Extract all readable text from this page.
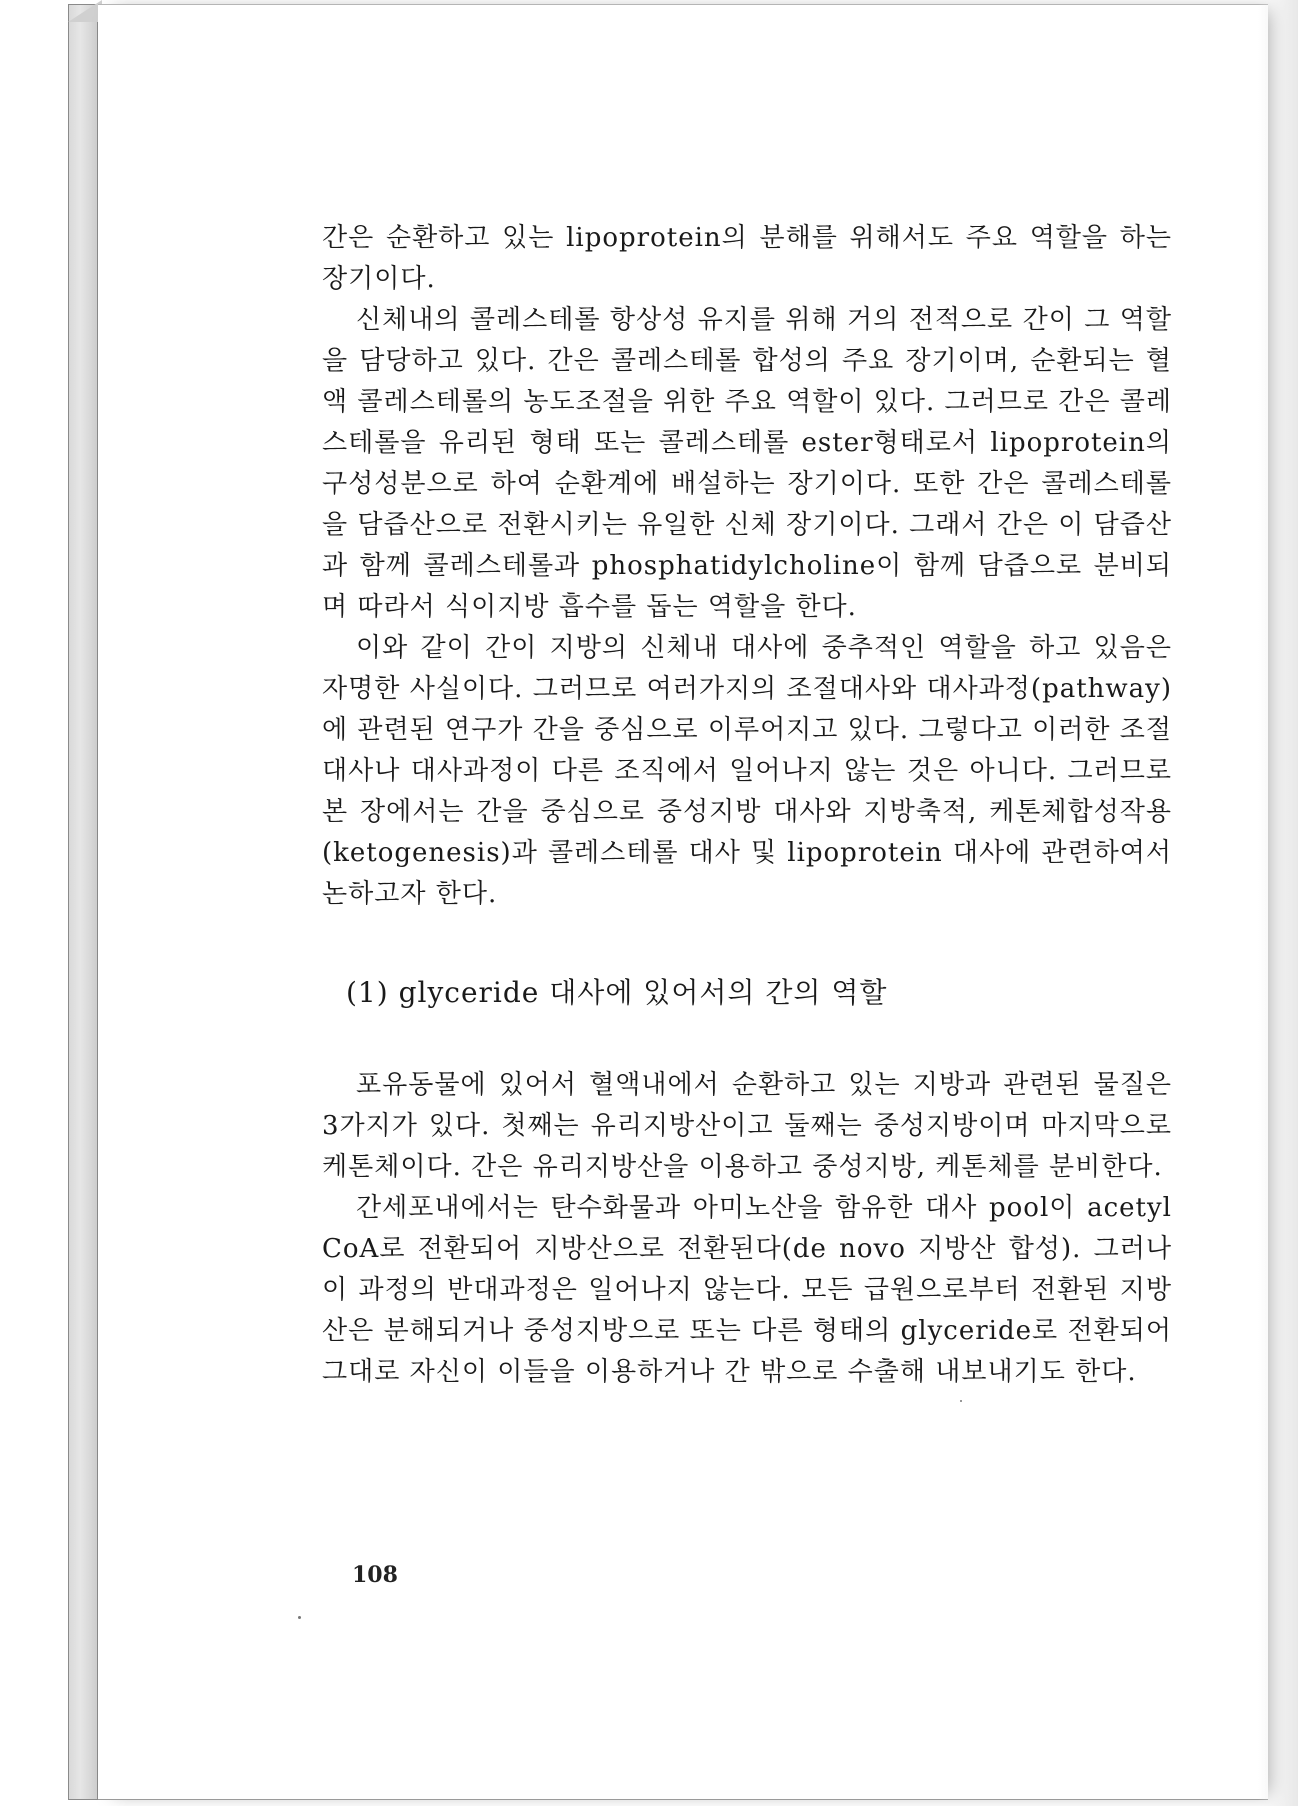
간은 순환하고 있는 lipoprotein의 분해를 위해서도 주요 역할을 하는 장기이다.

신체내의 콜레스테롤 항상성 유지를 위해 거의 전적으로 간이 그 역할을 담당하고 있다. 간은 콜레스테롤 합성의 주요 장기이며, 순환되는 혈액 콜레스테롤의 농도조절을 위한 주요 역할이 있다. 그러므로 간은 콜레스테롤을 유리된 형태 또는 콜레스테롤 ester형태로서 lipoprotein의 구성성분으로 하여 순환계에 배설하는 장기이다. 또한 간은 콜레스테롤을 담즙산으로 전환시키는 유일한 신체 장기이다. 그래서 간은 이 담즙산과 함께 콜레스테롤과 phosphatidylcholine이 함께 담즙으로 분비되며 따라서 식이지방 흡수를 돕는 역할을 한다.

이와 같이 간이 지방의 신체내 대사에 중추적인 역할을 하고 있음은 자명한 사실이다. 그러므로 여러가지의 조절대사와 대사과정(pathway)에 관련된 연구가 간을 중심으로 이루어지고 있다. 그렇다고 이러한 조절대사나 대사과정이 다른 조직에서 일어나지 않는 것은 아니다. 그러므로 본 장에서는 간을 중심으로 중성지방 대사와 지방축적, 케톤체합성작용(ketogenesis)과 콜레스테롤 대사 및 lipoprotein 대사에 관련하여서 논하고자 한다.

(1) glyceride 대사에 있어서의 간의 역할

포유동물에 있어서 혈액내에서 순환하고 있는 지방과 관련된 물질은 3가지가 있다. 첫째는 유리지방산이고 둘째는 중성지방이며 마지막으로 케톤체이다. 간은 유리지방산을 이용하고 중성지방, 케톤체를 분비한다.

간세포내에서는 탄수화물과 아미노산을 함유한 대사 pool이 acetyl CoA로 전환되어 지방산으로 전환된다(de novo 지방산 합성). 그러나 이 과정의 반대과정은 일어나지 않는다. 모든 급원으로부터 전환된 지방산은 분해되거나 중성지방으로 또는 다른 형태의 glyceride로 전환되어 그대로 자신이 이들을 이용하거나 간 밖으로 수출해 내보내기도 한다.

108
